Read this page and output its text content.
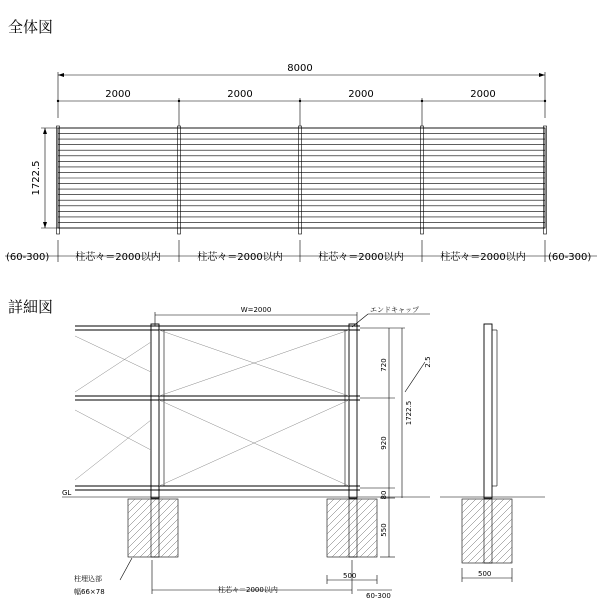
全体図
8000
2000	2000	2000	2000
1722.5
(60-300)	柱芯々＝2000以内	柱芯々＝2000以内	柱芯々＝2000以内	柱芯々＝2000以内 (60-300)
詳細図	W=2000	エンドキャップ
GL
720
920
80
550
1722.5
2.5
柱埋込部
幅66×78	柱芯々＝2000以内
500
60-300
500
